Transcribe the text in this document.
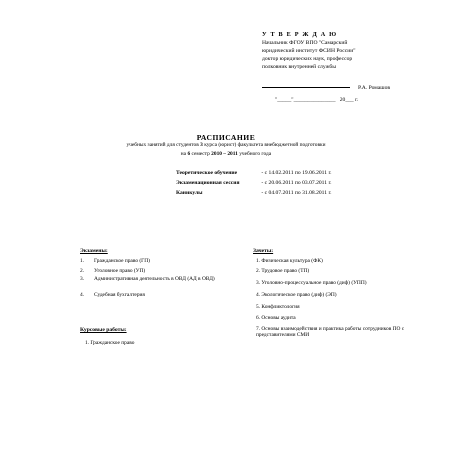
У Т В Е Р Ж Д А Ю
Начальник ФГОУ ВПО "Самарский
юридический институт ФСИН России"
доктор юридических наук, профессор
полковник внутренней службы
Р.А. Ромашов
"_____"_______________ 20___ г.
РАСПИСАНИЕ
учебных занятий для студентов 3 курса (юрист) факультета внебюджетной подготовки
на 6 семестр 2010 – 2011 учебного года
Теоретическое обучение	- с 14.02.2011 по 19.06.2011 г.
Экзаменационная сессия	- с 20.06.2011 по 03.07.2011 г.
Каникулы	- с 04.07.2011 по 31.08.2011 г.
Экзамены:
1. Гражданское право (ГП)
2. Уголовное право (УП)
3. Административная деятельность в ОВД (АД в ОВД)
4. Судебная бухгалтерия
Зачеты:
1. Физическая культура (ФК)
2. Трудовое право (ТП)
3. Уголовно-процессуальное право (диф) (УПП)
4. Экологическое право (диф) (ЭП)
5. Конфликтология
6. Основы аудита
7. Основы взаимодействия и практика работы сотрудников ПО с представителями СМИ
Курсовые работы:
1. Гражданское право
